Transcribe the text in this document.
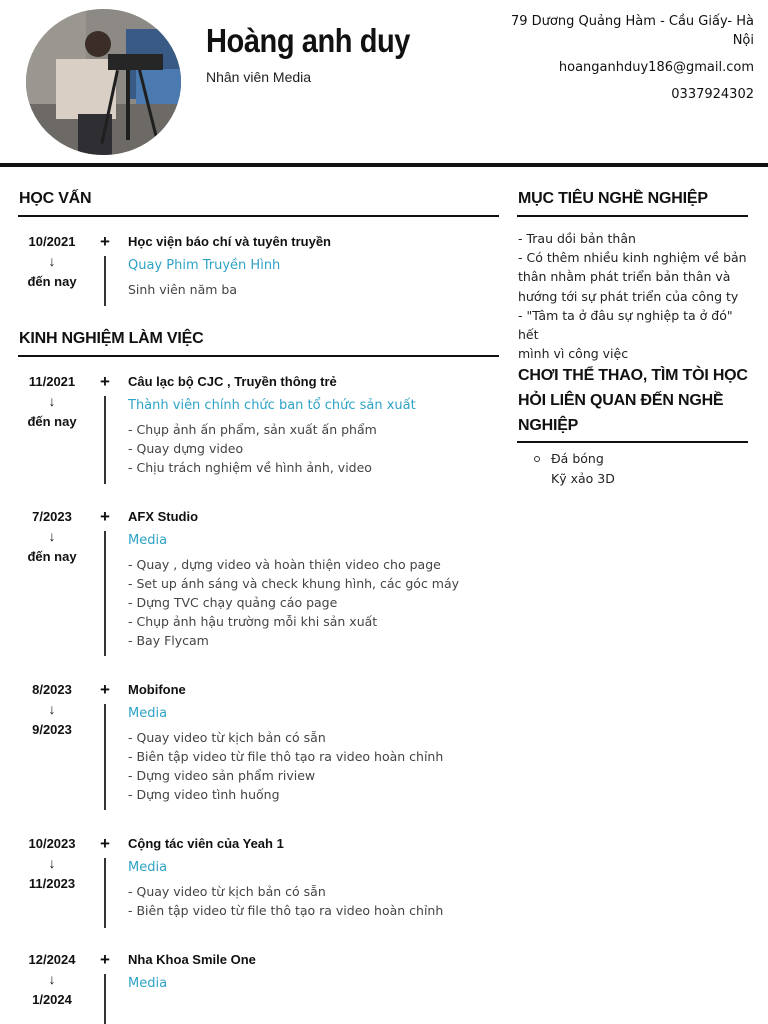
Hoàng anh duy
Nhân viên Media
79 Dương Quảng Hàm - Cầu Giấy- Hà Nội
hoanganhduy186@gmail.com
0337924302
HỌC VẤN
10/2021
↓
đến nay
+ Học viện báo chí và tuyên truyền
Quay Phim Truyền Hình
Sinh viên năm ba
KINH NGHIỆM LÀM VIỆC
11/2021
↓
đến nay
+ Câu lạc bộ CJC , Truyền thông trẻ
Thành viên chính chức ban tổ chức sản xuất
- Chụp ảnh ấn phẩm, sản xuất ấn phẩm
- Quay dựng video
- Chịu trách nghiệm về hình ảnh, video
7/2023
↓
đến nay
+ AFX Studio
Media
- Quay , dựng video và hoàn thiện video cho page
- Set up ánh sáng và check khung hình, các góc máy
- Dựng TVC chạy quảng cáo page
- Chụp ảnh hậu trường mỗi khi sản xuất
- Bay Flycam
8/2023
↓
9/2023
+ Mobifone
Media
- Quay video từ kịch bản có sẵn
- Biên tập video từ file thô tạo ra video hoàn chỉnh
- Dựng video sản phẩm riview
- Dựng video tình huống
10/2023
↓
11/2023
+ Cộng tác viên của Yeah 1
Media
- Quay video từ kịch bản có sẵn
- Biên tập video từ file thô tạo ra video hoàn chỉnh
12/2024
↓
1/2024
+ Nha Khoa Smile One
Media
MỤC TIÊU NGHỀ NGHIỆP
- Trau dồi bản thân
- Có thêm nhiều kinh nghiệm về bản
thân nhằm phát triển bản thân và
hướng tới sự phát triển của công ty
- "Tâm ta ở đâu sự nghiệp ta ở đó" hết
mình vì công việc
CHƠI THỂ THAO, TÌM TÒI HỌC HỎI LIÊN QUAN ĐẾN NGHỀ NGHIỆP
Đá bóng
Kỹ xảo 3D
